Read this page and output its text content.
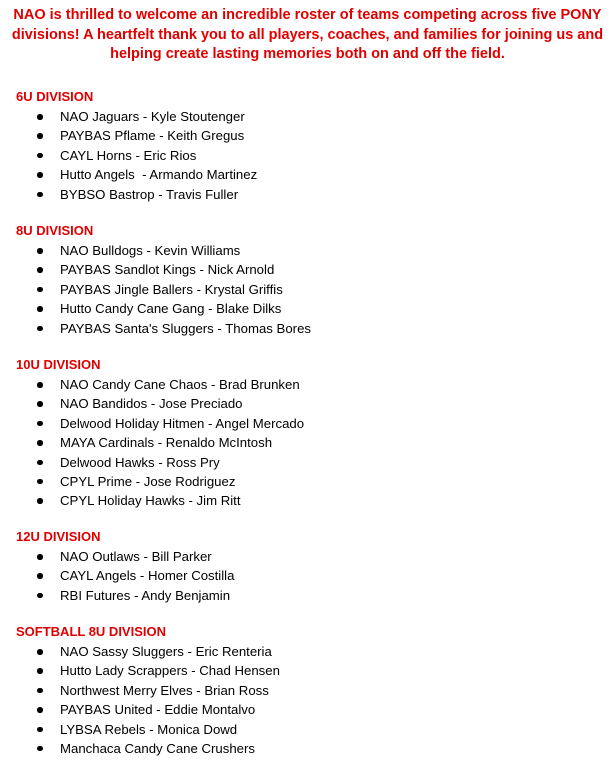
NAO is thrilled to welcome an incredible roster of teams competing across five PONY divisions! A heartfelt thank you to all players, coaches, and families for joining us and helping create lasting memories both on and off the field.
6U DIVISION
NAO Jaguars - Kyle Stoutenger
PAYBAS Pflame - Keith Gregus
CAYL Horns - Eric Rios
Hutto Angels  - Armando Martinez
BYBSO Bastrop - Travis Fuller
8U DIVISION
NAO Bulldogs - Kevin Williams
PAYBAS Sandlot Kings - Nick Arnold
PAYBAS Jingle Ballers - Krystal Griffis
Hutto Candy Cane Gang - Blake Dilks
PAYBAS Santa's Sluggers - Thomas Bores
10U DIVISION
NAO Candy Cane Chaos - Brad Brunken
NAO Bandidos - Jose Preciado
Delwood Holiday Hitmen - Angel Mercado
MAYA Cardinals - Renaldo McIntosh
Delwood Hawks - Ross Pry
CPYL Prime - Jose Rodriguez
CPYL Holiday Hawks - Jim Ritt
12U DIVISION
NAO Outlaws - Bill Parker
CAYL Angels - Homer Costilla
RBI Futures - Andy Benjamin
SOFTBALL 8U DIVISION
NAO Sassy Sluggers - Eric Renteria
Hutto Lady Scrappers - Chad Hensen
Northwest Merry Elves - Brian Ross
PAYBAS United - Eddie Montalvo
LYBSA Rebels - Monica Dowd
Manchaca Candy Cane Crushers
